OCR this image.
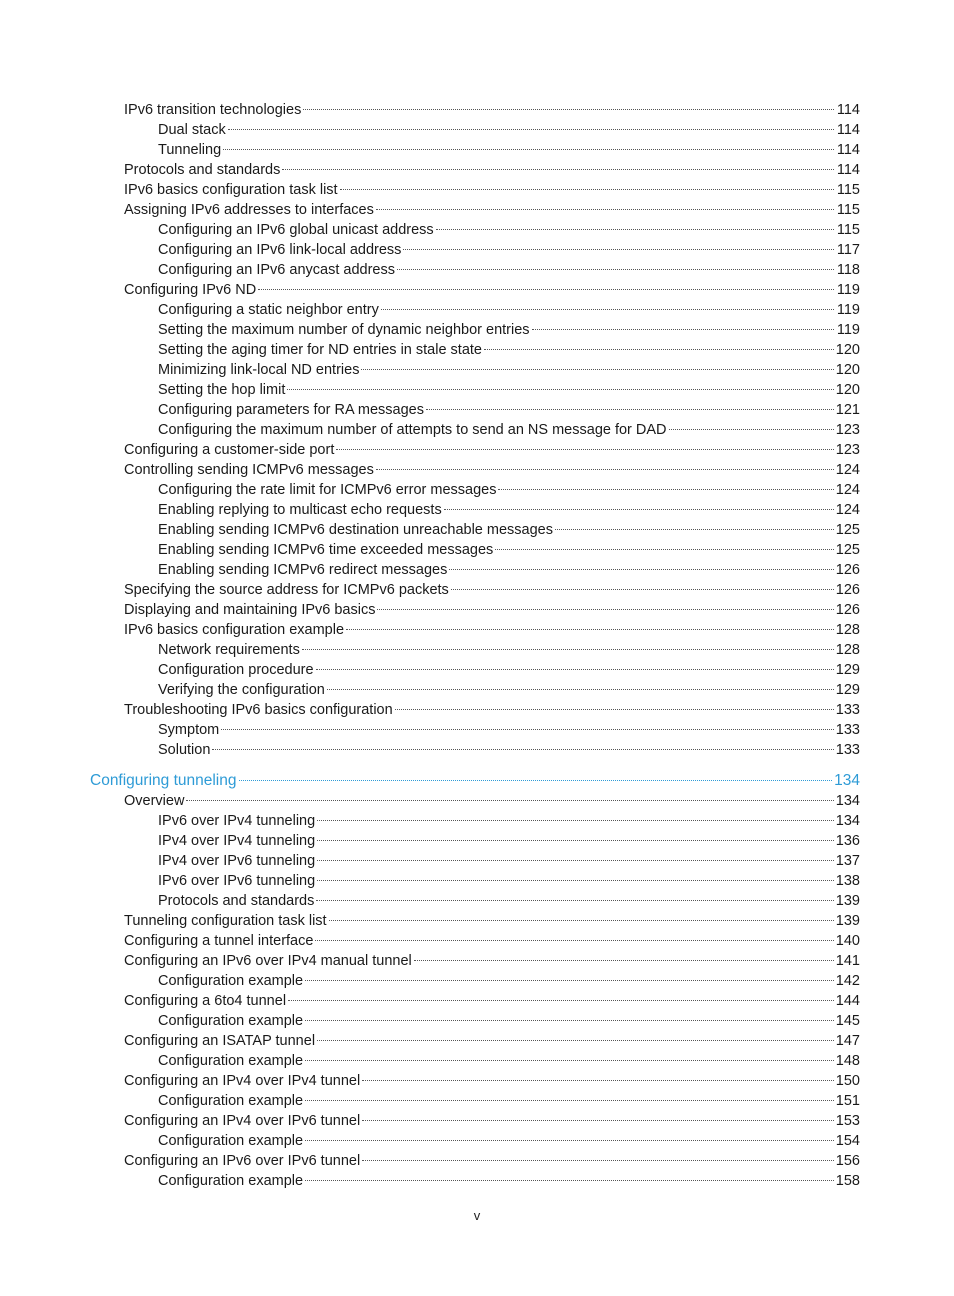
IPv6 transition technologies	114
Dual stack	114
Tunneling	114
Protocols and standards	114
IPv6 basics configuration task list	115
Assigning IPv6 addresses to interfaces	115
Configuring an IPv6 global unicast address	115
Configuring an IPv6 link-local address	117
Configuring an IPv6 anycast address	118
Configuring IPv6 ND	119
Configuring a static neighbor entry	119
Setting the maximum number of dynamic neighbor entries	119
Setting the aging timer for ND entries in stale state	120
Minimizing link-local ND entries	120
Setting the hop limit	120
Configuring parameters for RA messages	121
Configuring the maximum number of attempts to send an NS message for DAD	123
Configuring a customer-side port	123
Controlling sending ICMPv6 messages	124
Configuring the rate limit for ICMPv6 error messages	124
Enabling replying to multicast echo requests	124
Enabling sending ICMPv6 destination unreachable messages	125
Enabling sending ICMPv6 time exceeded messages	125
Enabling sending ICMPv6 redirect messages	126
Specifying the source address for ICMPv6 packets	126
Displaying and maintaining IPv6 basics	126
IPv6 basics configuration example	128
Network requirements	128
Configuration procedure	129
Verifying the configuration	129
Troubleshooting IPv6 basics configuration	133
Symptom	133
Solution	133
Configuring tunneling	134
Overview	134
IPv6 over IPv4 tunneling	134
IPv4 over IPv4 tunneling	136
IPv4 over IPv6 tunneling	137
IPv6 over IPv6 tunneling	138
Protocols and standards	139
Tunneling configuration task list	139
Configuring a tunnel interface	140
Configuring an IPv6 over IPv4 manual tunnel	141
Configuration example	142
Configuring a 6to4 tunnel	144
Configuration example	145
Configuring an ISATAP tunnel	147
Configuration example	148
Configuring an IPv4 over IPv4 tunnel	150
Configuration example	151
Configuring an IPv4 over IPv6 tunnel	153
Configuration example	154
Configuring an IPv6 over IPv6 tunnel	156
Configuration example	158
v
